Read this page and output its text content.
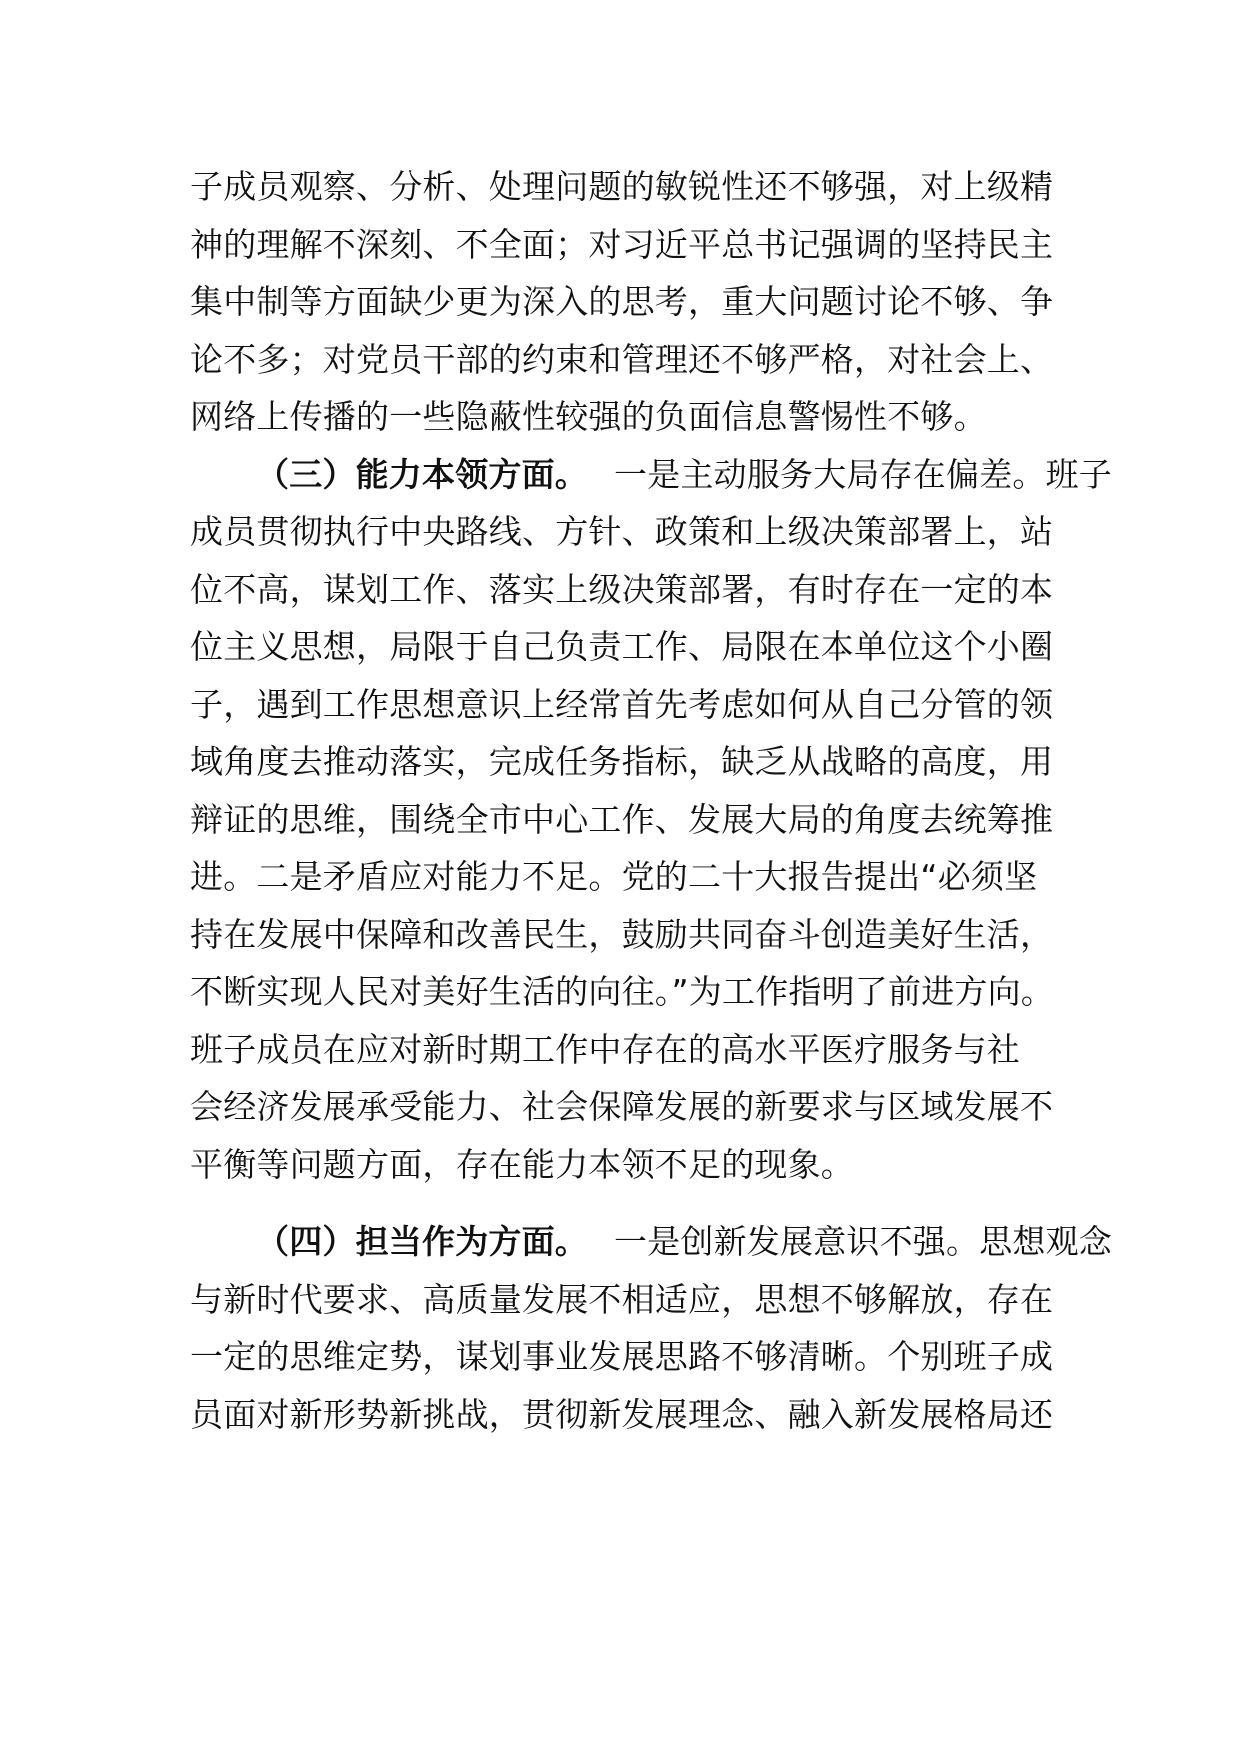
子成员观察、分析、处理问题的敏锐性还不够强，对上级精
神的理解不深刻、不全面；对习近平总书记强调的坚持民主
集中制等方面缺少更为深入的思考，重大问题讨论不够、争
论不多；对党员干部的约束和管理还不够严格，对社会上、
网络上传播的一些隐蔽性较强的负面信息警惕性不够。
（三）能力本领方面。 一是主动服务大局存在偏差。班子
成员贯彻执行中央路线、方针、政策和上级决策部署上，站
位不高，谋划工作、落实上级决策部署，有时存在一定的本
位主义思想，局限于自己负责工作、局限在本单位这个小圈
子，遇到工作思想意识上经常首先考虑如何从自己分管的领
域角度去推动落实，完成任务指标，缺乏从战略的高度，用
辩证的思维，围绕全市中心工作、发展大局的角度去统筹推
进。二是矛盾应对能力不足。党的二十大报告提出“必须坚
持在发展中保障和改善民生，鼓励共同奋斗创造美好生活，
不断实现人民对美好生活的向往。”为工作指明了前进方向。
班子成员在应对新时期工作中存在的高水平医疗服务与社
会经济发展承受能力、社会保障发展的新要求与区域发展不
平衡等问题方面，存在能力本领不足的现象。
（四）担当作为方面。 一是创新发展意识不强。思想观念
与新时代要求、高质量发展不相适应，思想不够解放，存在
一定的思维定势，谋划事业发展思路不够清晰。个别班子成
员面对新形势新挑战，贯彻新发展理念、融入新发展格局还
